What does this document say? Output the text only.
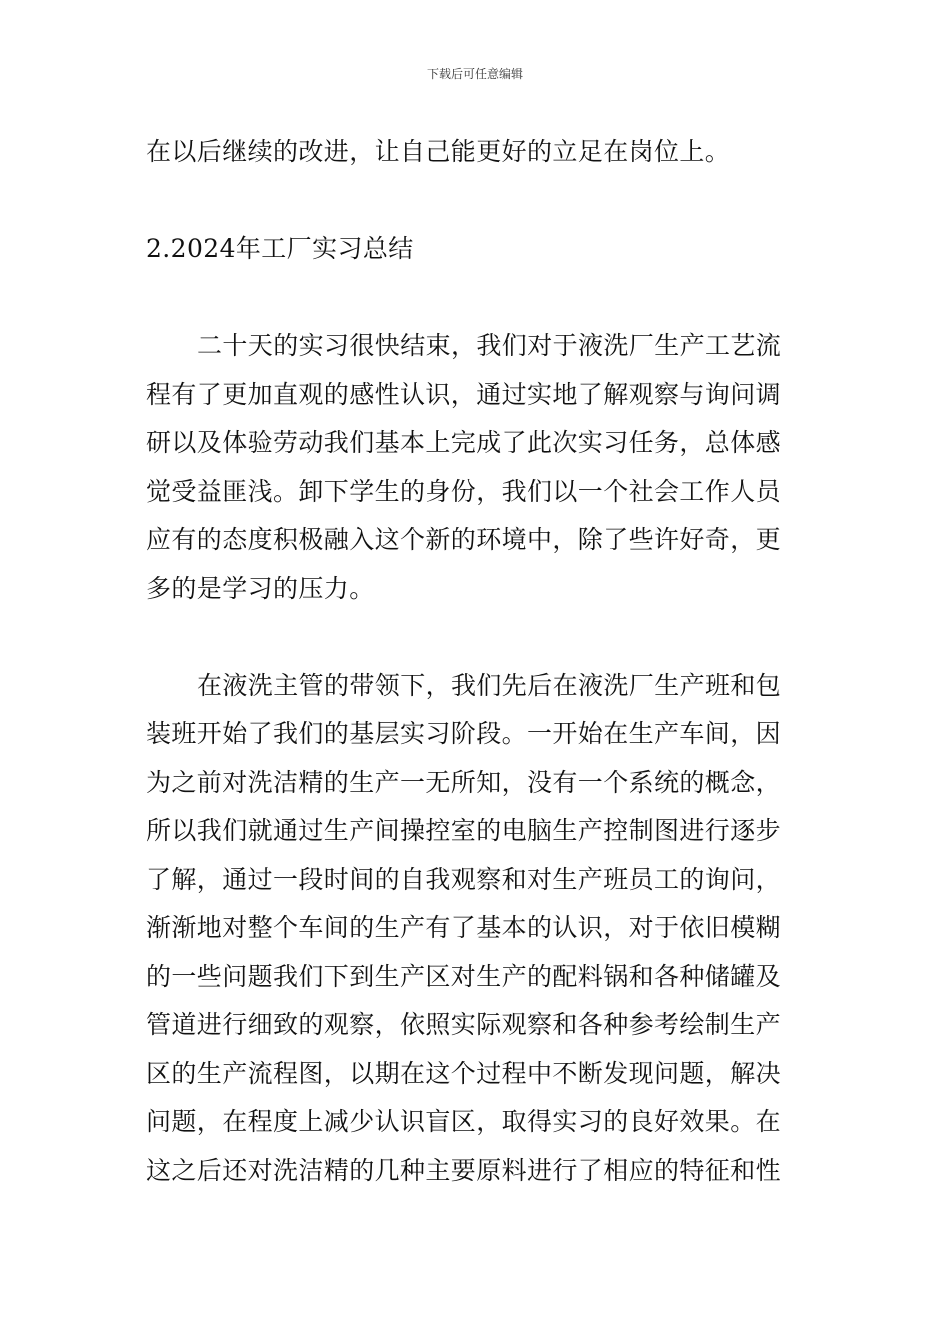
下载后可任意编辑
在以后继续的改进，让自己能更好的立足在岗位上。
2.2024年工厂实习总结
二十天的实习很快结束，我们对于液洗厂生产工艺流
程有了更加直观的感性认识，通过实地了解观察与询问调
研以及体验劳动我们基本上完成了此次实习任务，总体感
觉受益匪浅。卸下学生的身份，我们以一个社会工作人员
应有的态度积极融入这个新的环境中，除了些许好奇，更
多的是学习的压力。
在液洗主管的带领下，我们先后在液洗厂生产班和包
装班开始了我们的基层实习阶段。一开始在生产车间，因
为之前对洗洁精的生产一无所知，没有一个系统的概念，
所以我们就通过生产间操控室的电脑生产控制图进行逐步
了解，通过一段时间的自我观察和对生产班员工的询问，
渐渐地对整个车间的生产有了基本的认识，对于依旧模糊
的一些问题我们下到生产区对生产的配料锅和各种储罐及
管道进行细致的观察，依照实际观察和各种参考绘制生产
区的生产流程图，以期在这个过程中不断发现问题，解决
问题，在程度上减少认识盲区，取得实习的良好效果。在
这之后还对洗洁精的几种主要原料进行了相应的特征和性
